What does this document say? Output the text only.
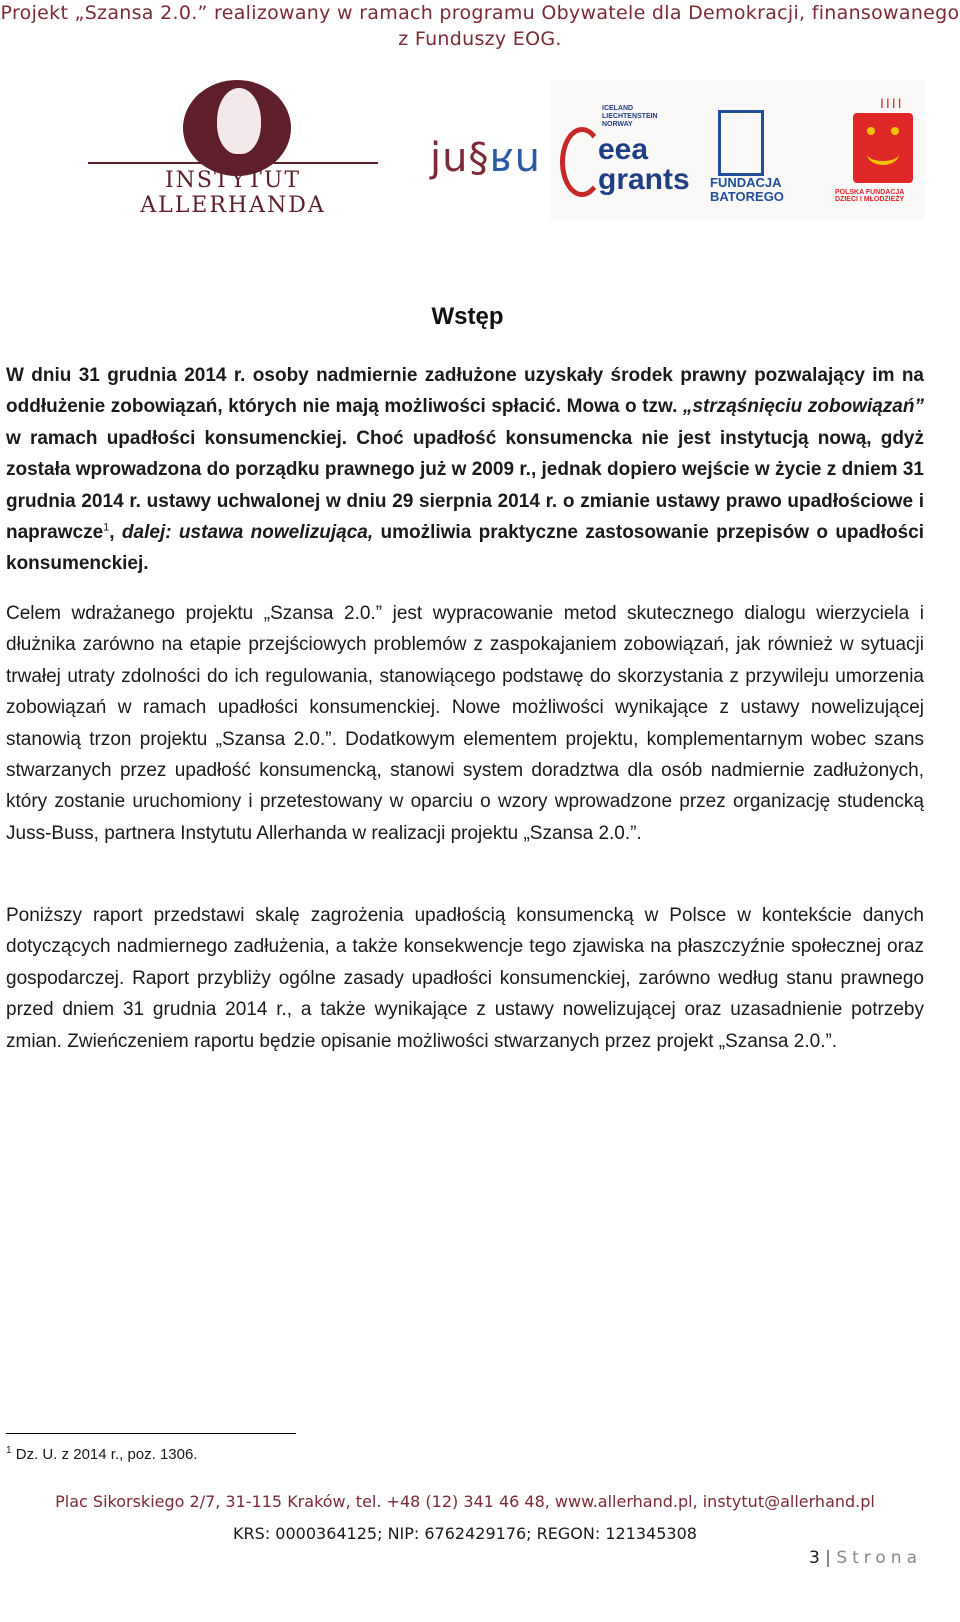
Projekt „Szansa 2.0.” realizowany w ramach programu Obywatele dla Demokracji, finansowanego
z Funduszy EOG.
INSTYTUT ALLERHANDA
ju§ʁu
ICELAND
LIECHTENSTEIN
NORWAY
eea
grants FUNDACJA
BATOREGO
IIII
POLSKA FUNDACJA
DZIECI I MŁODZIEŻY
Wstęp

W dniu 31 grudnia 2014 r. osoby nadmiernie zadłużone uzyskały środek prawny pozwalający im na oddłużenie zobowiązań, których nie mają możliwości spłacić. Mowa o tzw. „strząśnięciu zobowiązań” w ramach upadłości konsumenckiej. Choć upadłość konsumencka nie jest instytucją nową, gdyż została wprowadzona do porządku prawnego już w 2009 r., jednak dopiero wejście w życie z dniem 31 grudnia 2014 r. ustawy uchwalonej w dniu 29 sierpnia 2014 r. o zmianie ustawy prawo upadłościowe i naprawcze$^1$, dalej: ustawa nowelizująca, umożliwia praktyczne zastosowanie przepisów o upadłości konsumenckiej.

Celem wdrażanego projektu „Szansa 2.0.” jest wypracowanie metod skutecznego dialogu wierzyciela i dłużnika zarówno na etapie przejściowych problemów z zaspokajaniem zobowiązań, jak również w sytuacji trwałej utraty zdolności do ich regulowania, stanowiącego podstawę do skorzystania z przywileju umorzenia zobowiązań w ramach upadłości konsumenckiej. Nowe możliwości wynikające z ustawy nowelizującej stanowią trzon projektu „Szansa 2.0.”. Dodatkowym elementem projektu, komplementarnym wobec szans stwarzanych przez upadłość konsumencką, stanowi system doradztwa dla osób nadmiernie zadłużonych, który zostanie uruchomiony i przetestowany w oparciu o wzory wprowadzone przez organizację studencką Juss-Buss, partnera Instytutu Allerhanda w realizacji projektu „Szansa 2.0.”.

Poniższy raport przedstawi skalę zagrożenia upadłością konsumencką w Polsce w kontekście danych dotyczących nadmiernego zadłużenia, a także konsekwencje tego zjawiska na płaszczyźnie społecznej oraz gospodarczej. Raport przybliży ogólne zasady upadłości konsumenckiej, zarówno według stanu prawnego przed dniem 31 grudnia 2014 r., a także wynikające z ustawy nowelizującej oraz uzasadnienie potrzeby zmian. Zwieńczeniem raportu będzie opisanie możliwości stwarzanych przez projekt „Szansa 2.0.”.

$^1$ Dz. U. z 2014 r., poz. 1306.
Plac Sikorskiego 2/7, 31-115 Kraków, tel. +48 (12) 341 46 48, www.allerhand.pl, instytut@allerhand.pl
KRS: 0000364125; NIP: 6762429176; REGON: 121345308
3 | Strona
